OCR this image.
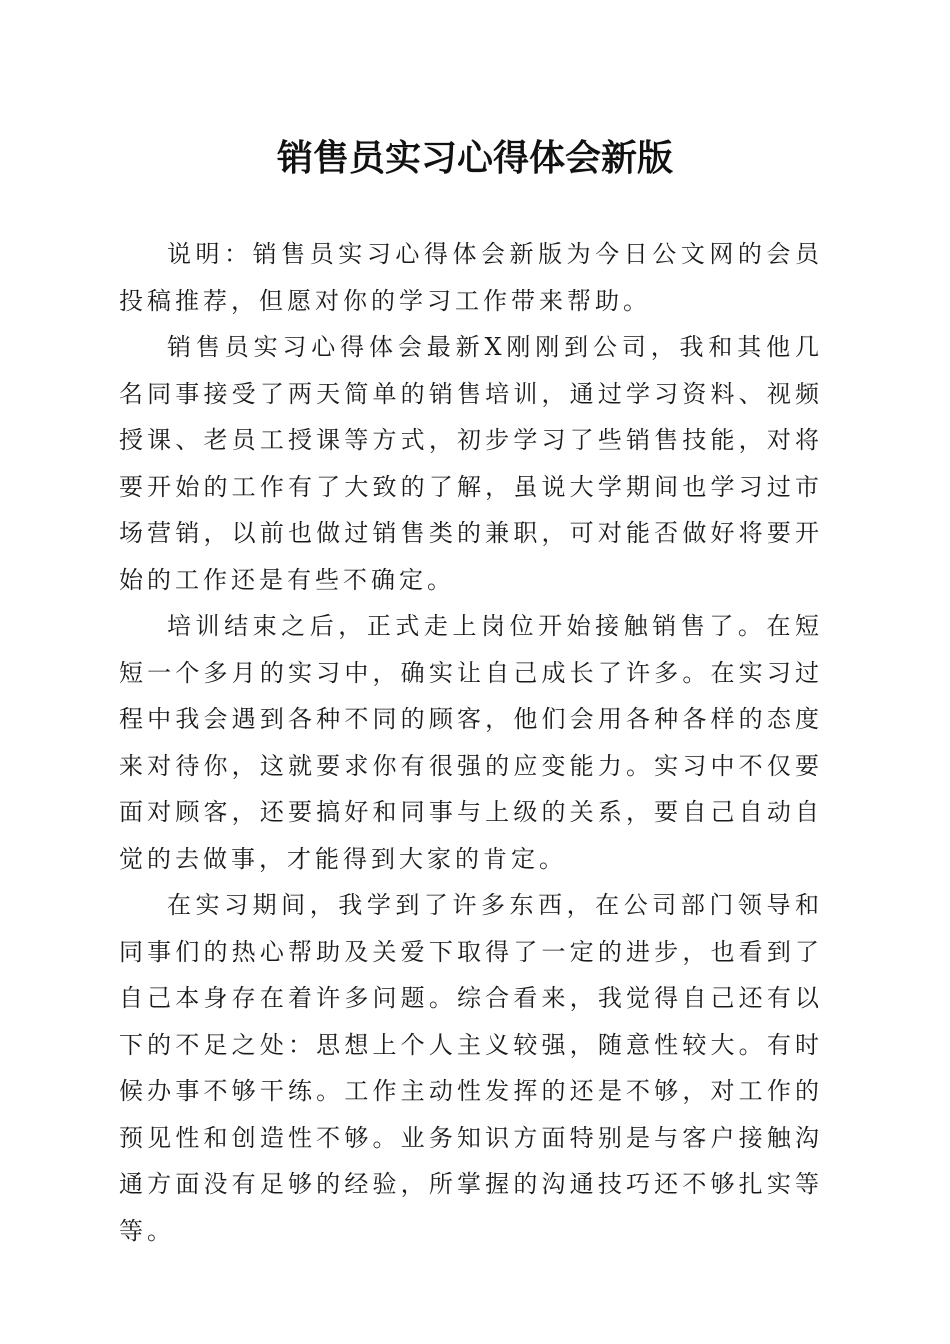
销售员实习心得体会新版

说明：销售员实习心得体会新版为今日公文网的会员投稿推荐，但愿对你的学习工作带来帮助。

销售员实习心得体会最新X刚刚到公司，我和其他几名同事接受了两天简单的销售培训，通过学习资料、视频授课、老员工授课等方式，初步学习了些销售技能，对将要开始的工作有了大致的了解，虽说大学期间也学习过市场营销，以前也做过销售类的兼职，可对能否做好将要开始的工作还是有些不确定。

培训结束之后，正式走上岗位开始接触销售了。在短短一个多月的实习中，确实让自己成长了许多。在实习过程中我会遇到各种不同的顾客，他们会用各种各样的态度来对待你，这就要求你有很强的应变能力。实习中不仅要面对顾客，还要搞好和同事与上级的关系，要自己自动自觉的去做事，才能得到大家的肯定。

在实习期间，我学到了许多东西，在公司部门领导和同事们的热心帮助及关爱下取得了一定的进步，也看到了自己本身存在着许多问题。综合看来，我觉得自己还有以下的不足之处：思想上个人主义较强，随意性较大。有时候办事不够干练。工作主动性发挥的还是不够，对工作的预见性和创造性不够。业务知识方面特别是与客户接触沟通方面没有足够的经验，所掌握的沟通技巧还不够扎实等等。
